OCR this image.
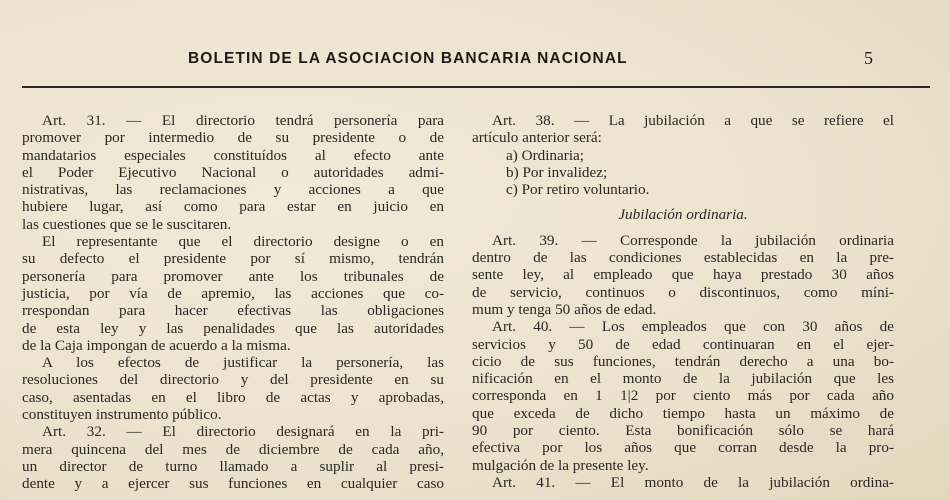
BOLETIN DE LA ASOCIACION BANCARIA NACIONAL	5
Art. 31. — El directorio tendrá personería para
promover por intermedio de su presidente o de
mandatarios especiales constituídos al efecto ante
el Poder Ejecutivo Nacional o autoridades admi-
nistrativas, las reclamaciones y acciones a que
hubiere lugar, así como para estar en juicio en
las cuestiones que se le suscitaren.
El representante que el directorio designe o en
su defecto el presidente por sí mismo, tendrán
personería para promover ante los tribunales de
justicia, por vía de apremio, las acciones que co-
rrespondan para hacer efectivas las obligaciones
de esta ley y las penalidades que las autoridades
de la Caja impongan de acuerdo a la misma.
A los efectos de justificar la personería, las
resoluciones del directorio y del presidente en su
caso, asentadas en el libro de actas y aprobadas,
constituyen instrumento público.
Art. 32. — El directorio designará en la pri-
mera quincena del mes de diciembre de cada año,
un director de turno llamado a suplir al presi-
dente y a ejercer sus funciones en cualquier caso
Art. 38. — La jubilación a que se refiere el
artículo anterior será:
a) Ordinaria;
b) Por invalidez;
c) Por retiro voluntario.
Jubilación ordinaria.
Art. 39. — Corresponde la jubilación ordinaria
dentro de las condiciones establecidas en la pre-
sente ley, al empleado que haya prestado 30 años
de servicio, continuos o discontinuos, como míni-
mum y tenga 50 años de edad.
Art. 40. — Los empleados que con 30 años de
servicios y 50 de edad continuaran en el ejer-
cicio de sus funciones, tendrán derecho a una bo-
nificación en el monto de la jubilación que les
corresponda en 1 1|2 por ciento más por cada año
que exceda de dicho tiempo hasta un máximo de
90 por ciento. Esta bonificación sólo se hará
efectiva por los años que corran desde la pro-
mulgación de la presente ley.
Art. 41. — El monto de la jubilación ordina-
